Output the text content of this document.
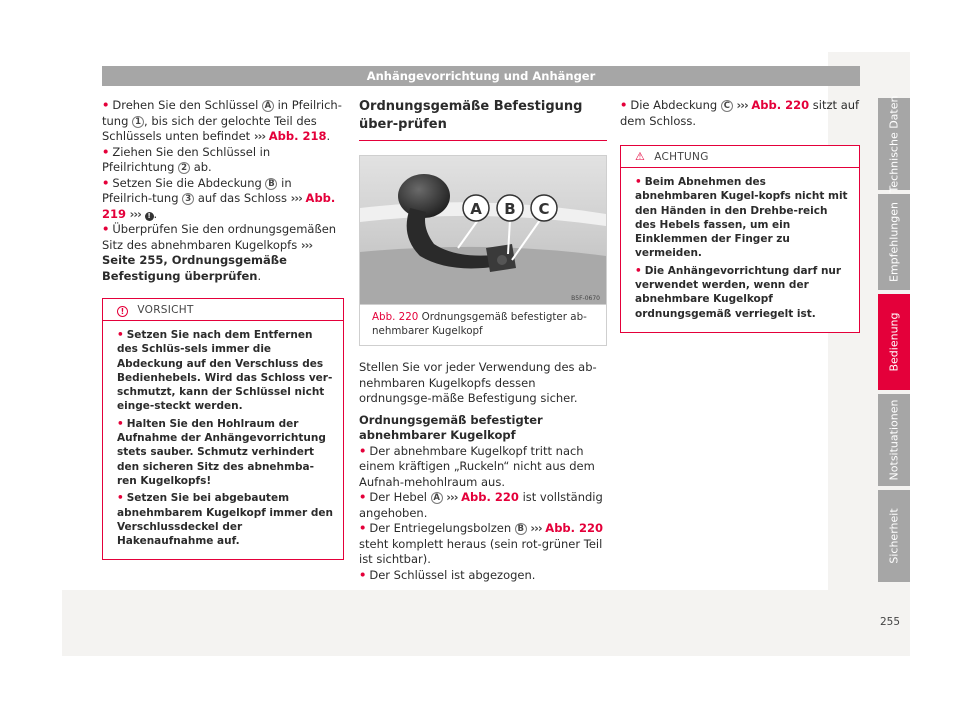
Anhängevorrichtung und Anhänger

• Drehen Sie den Schlüssel A in Pfeilrich-tung 1 , bis sich der gelochte Teil des Schlüssels unten befindet ››› Abb. 218.

• Ziehen Sie den Schlüssel in Pfeilrichtung 2 ab.

• Setzen Sie die Abdeckung B in Pfeilrich-tung 3 auf das Schloss ››› Abb. 219 ››› ! .

• Überprüfen Sie den ordnungsgemäßen Sitz des abnehmbaren Kugelkopfs ››› Seite 255, Ordnungsgemäße Befestigung überprüfen.

! VORSICHT

• Setzen Sie nach dem Entfernen des Schlüs-sels immer die Abdeckung auf den Verschluss des Bedienhebels. Wird das Schloss ver-schmutzt, kann der Schlüssel nicht einge-steckt werden.

• Halten Sie den Hohlraum der Aufnahme der Anhängevorrichtung stets sauber. Schmutz verhindert den sicheren Sitz des abnehmba-ren Kugelkopfs!

• Setzen Sie bei abgebautem abnehmbarem Kugelkopf immer den Verschlussdeckel der Hakenaufnahme auf.

Ordnungsgemäße Befestigung über-prüfen
A B C
B5F-0670
Abb. 220 Ordnungsgemäß befestigter ab-nehmbarer Kugelkopf

Stellen Sie vor jeder Verwendung des ab-nehmbaren Kugelkopfs dessen ordnungsge-mäße Befestigung sicher.

Ordnungsgemäß befestigter abnehmbarer Kugelkopf

• Der abnehmbare Kugelkopf tritt nach einem kräftigen „Ruckeln“ nicht aus dem Aufnah-mehohlraum aus.

• Der Hebel A ››› Abb. 220 ist vollständig angehoben.

• Der Entriegelungsbolzen B ››› Abb. 220 steht komplett heraus (sein rot-grüner Teil ist sichtbar).

• Der Schlüssel ist abgezogen.

• Die Abdeckung C ››› Abb. 220 sitzt auf dem Schloss.

⚠ ACHTUNG

• Beim Abnehmen des abnehmbaren Kugel-kopfs nicht mit den Händen in den Drehbe-reich des Hebels fassen, um ein Einklemmen der Finger zu vermeiden.

• Die Anhängevorrichtung darf nur verwendet werden, wenn der abnehmbare Kugelkopf ordnungsgemäß verriegelt ist.

Technische Daten
Empfehlungen
Bedienung
Notsituationen
Sicherheit
255
